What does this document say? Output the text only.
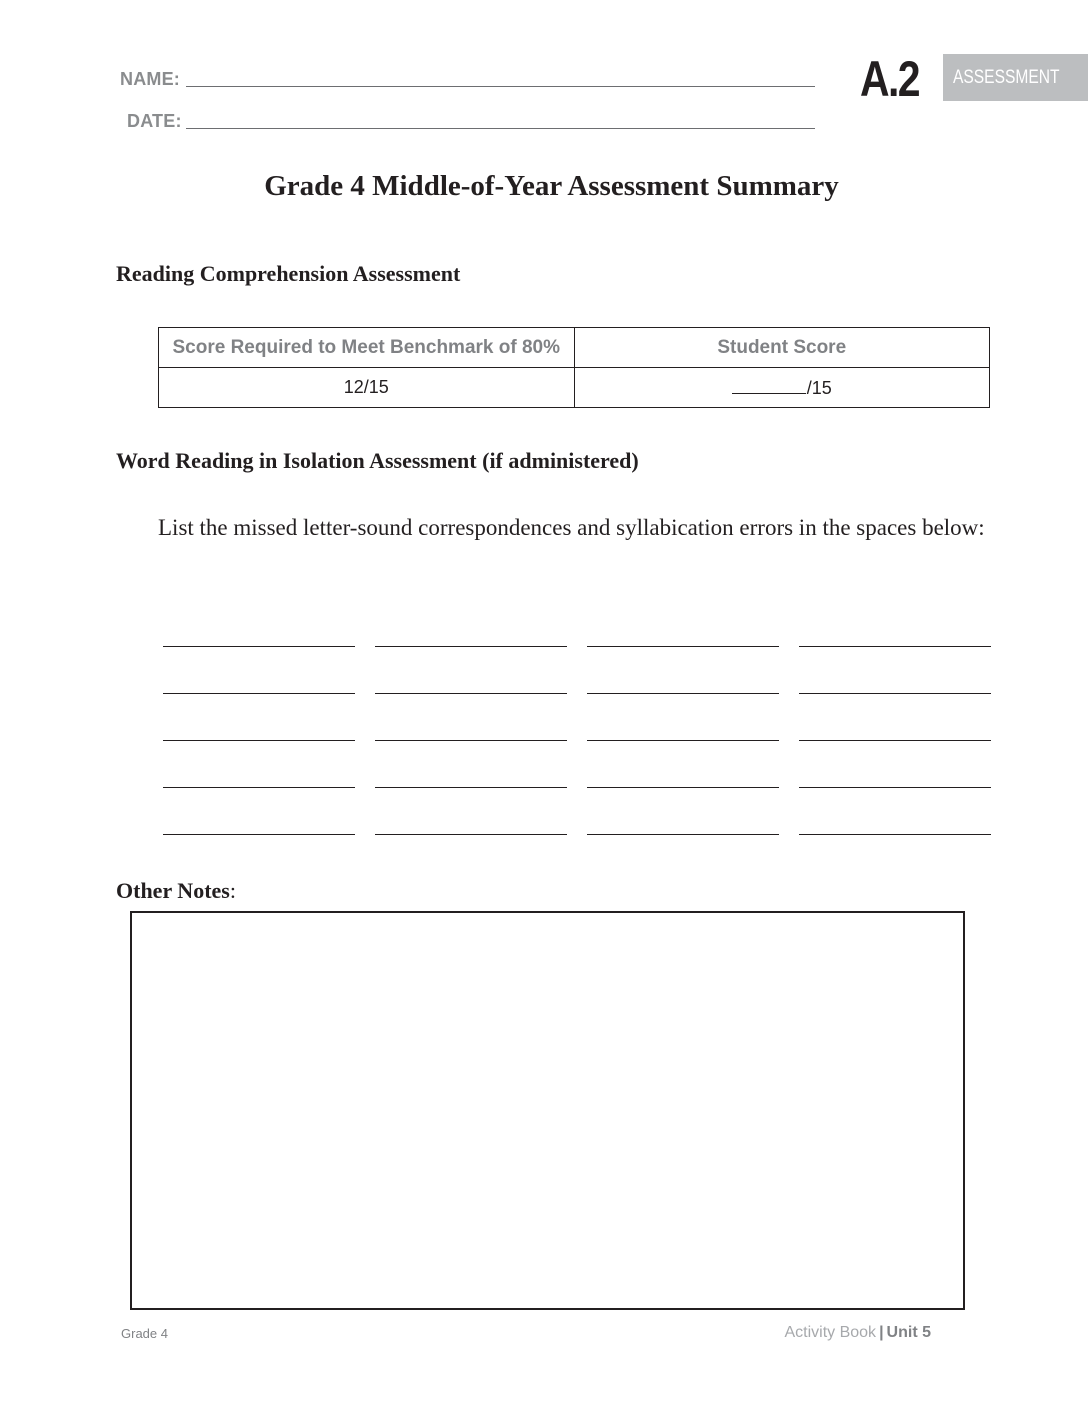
NAME:
DATE:
A.2	ASSESSMENT
Grade 4 Middle-of-Year Assessment Summary
Reading Comprehension Assessment
Score Required to Meet Benchmark of 80%	Student Score
12/15	/15
Word Reading in Isolation Assessment (if administered)

List the missed letter-sound correspondences and syllabication errors in the spaces below:

Other Notes:
Grade 4	Activity Book | Unit 5
